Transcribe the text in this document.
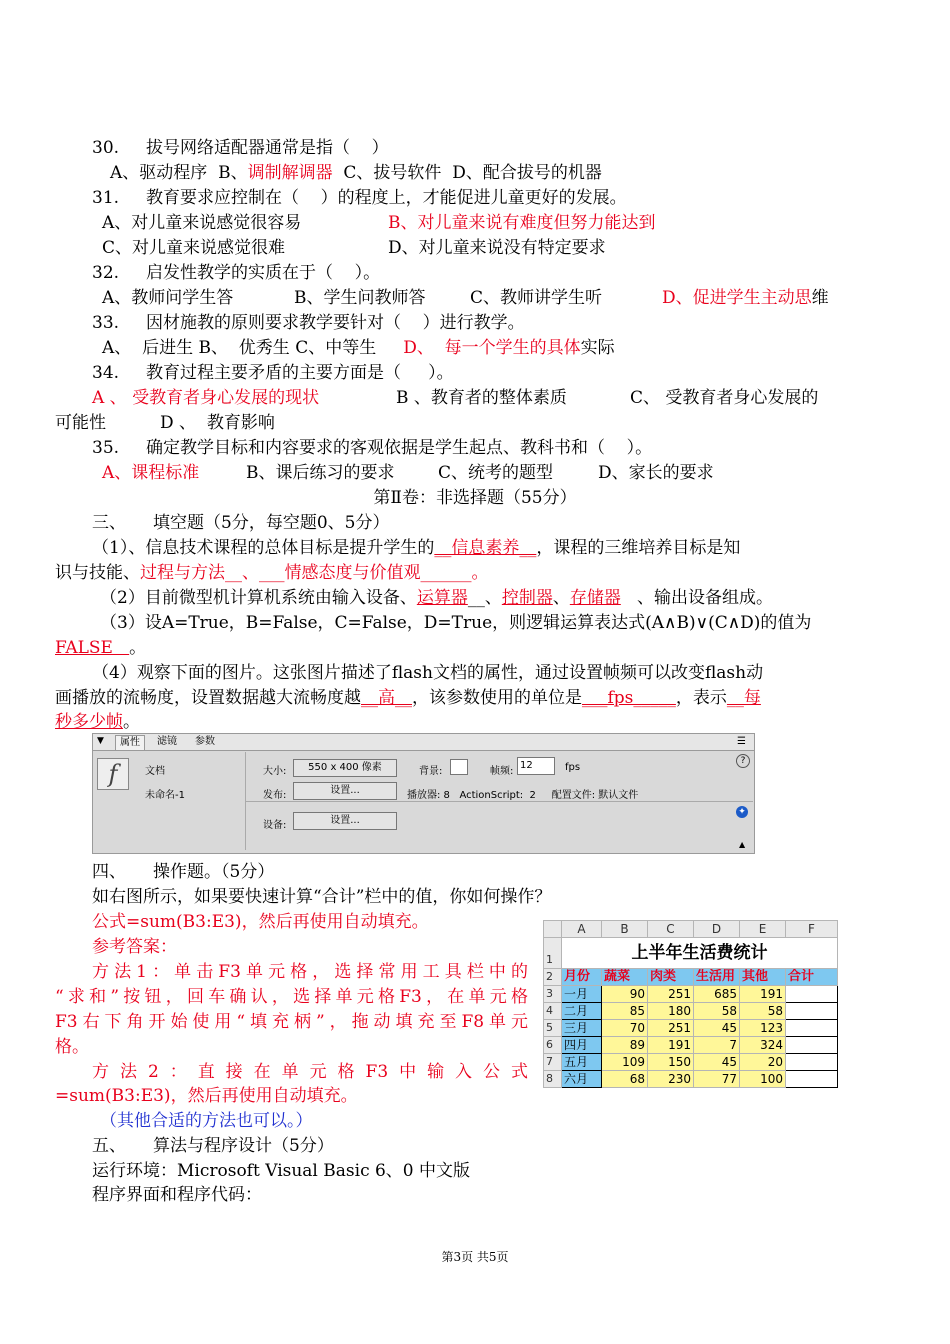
30.     拔号网络适配器通常是指（    ）
A、驱动程序  B、调制解调器  C、拔号软件  D、配合拔号的机器
31.     教育要求应控制在（    ）的程度上，才能促进儿童更好的发展。
A、对儿童来说感觉很容易	B、对儿童来说有难度但努力能达到
C、对儿童来说感觉很难	D、对儿童来说没有特定要求
32.     启发性教学的实质在于（    ）。
A、教师问学生答	B、学生问教师答	C、教师讲学生听	D、促进学生主动思维
33.     因材施教的原则要求教学要针对（    ）进行教学。
A、  后进生 B、  优秀生 C、中等生     D、  每一个学生的具体实际
34.     教育过程主要矛盾的主要方面是（     ）。
A 、 受教育者身心发展的现状	B 、教育者的整体素质	C、 受教育者身心发展的
可能性	D 、  教育影响
35.     确定教学目标和内容要求的客观依据是学生起点、教科书和（    ）。
A、课程标准	B、课后练习的要求	C、统考的题型	D、家长的要求
第Ⅱ卷：非选择题（55分）
三、     填空题（5分，每空题0、5分）
（1）、信息技术课程的总体目标是提升学生的__信息素养__，课程的三维培养目标是知
识与技能、过程与方法__、___情感态度与价值观______。
（2）目前微型机计算机系统由输入设备、运算器__、控制器、存储器   、输出设备组成。
（3）设A=True，B=False，C=False，D=True，则逻辑运算表达式(A∧B)∨(C∧D)的值为
FALSE   。
（4）观察下面的图片。这张图片描述了flash文档的属性，通过设置帧频可以改变flash动
画播放的流畅度，设置数据越大流畅度越__高__，该参数使用的单位是___fps_____，表示__每
秒多少帧。
▼	属性	滤镜	参数	☰
f	文档
未命名-1
大小:	550 x 400 像素	背景:	帧频:
12	fps
?
发布:	设置...	播放器: 8   ActionScript:  2     配置文件: 默认文件
✦
设备:	设置...
▲
四、     操作题。（5分）
如右图所示，如果要快速计算“合计”栏中的值，你如何操作？
公式=sum(B3:E3)，然后再使用自动填充。
参考答案：
方法1：单击F3单元格，选择常用工具栏中的
“求和”按钮，回车确认，选择单元格F3，在单元格
F3右下角开始使用“填充柄”，拖动填充至F8单元
格。
方法2：直接在单元格F3中输入公式
=sum(B3:E3)，然后再使用自动填充。
（其他合适的方法也可以。）
	A	B	C	D	E	F
1	上半年生活费统计					
2	月份	蔬菜	肉类	生活用	其他	合计
3	一月	90	251	685	191	
4	二月	85	180	58	58	
5	三月	70	251	45	123	
6	四月	89	191	7	324	
7	五月	109	150	45	20	
8	六月	68	230	77	100	
五、     算法与程序设计（5分）
运行环境：Microsoft Visual Basic 6、0 中文版
程序界面和程序代码：
第3页 共5页
